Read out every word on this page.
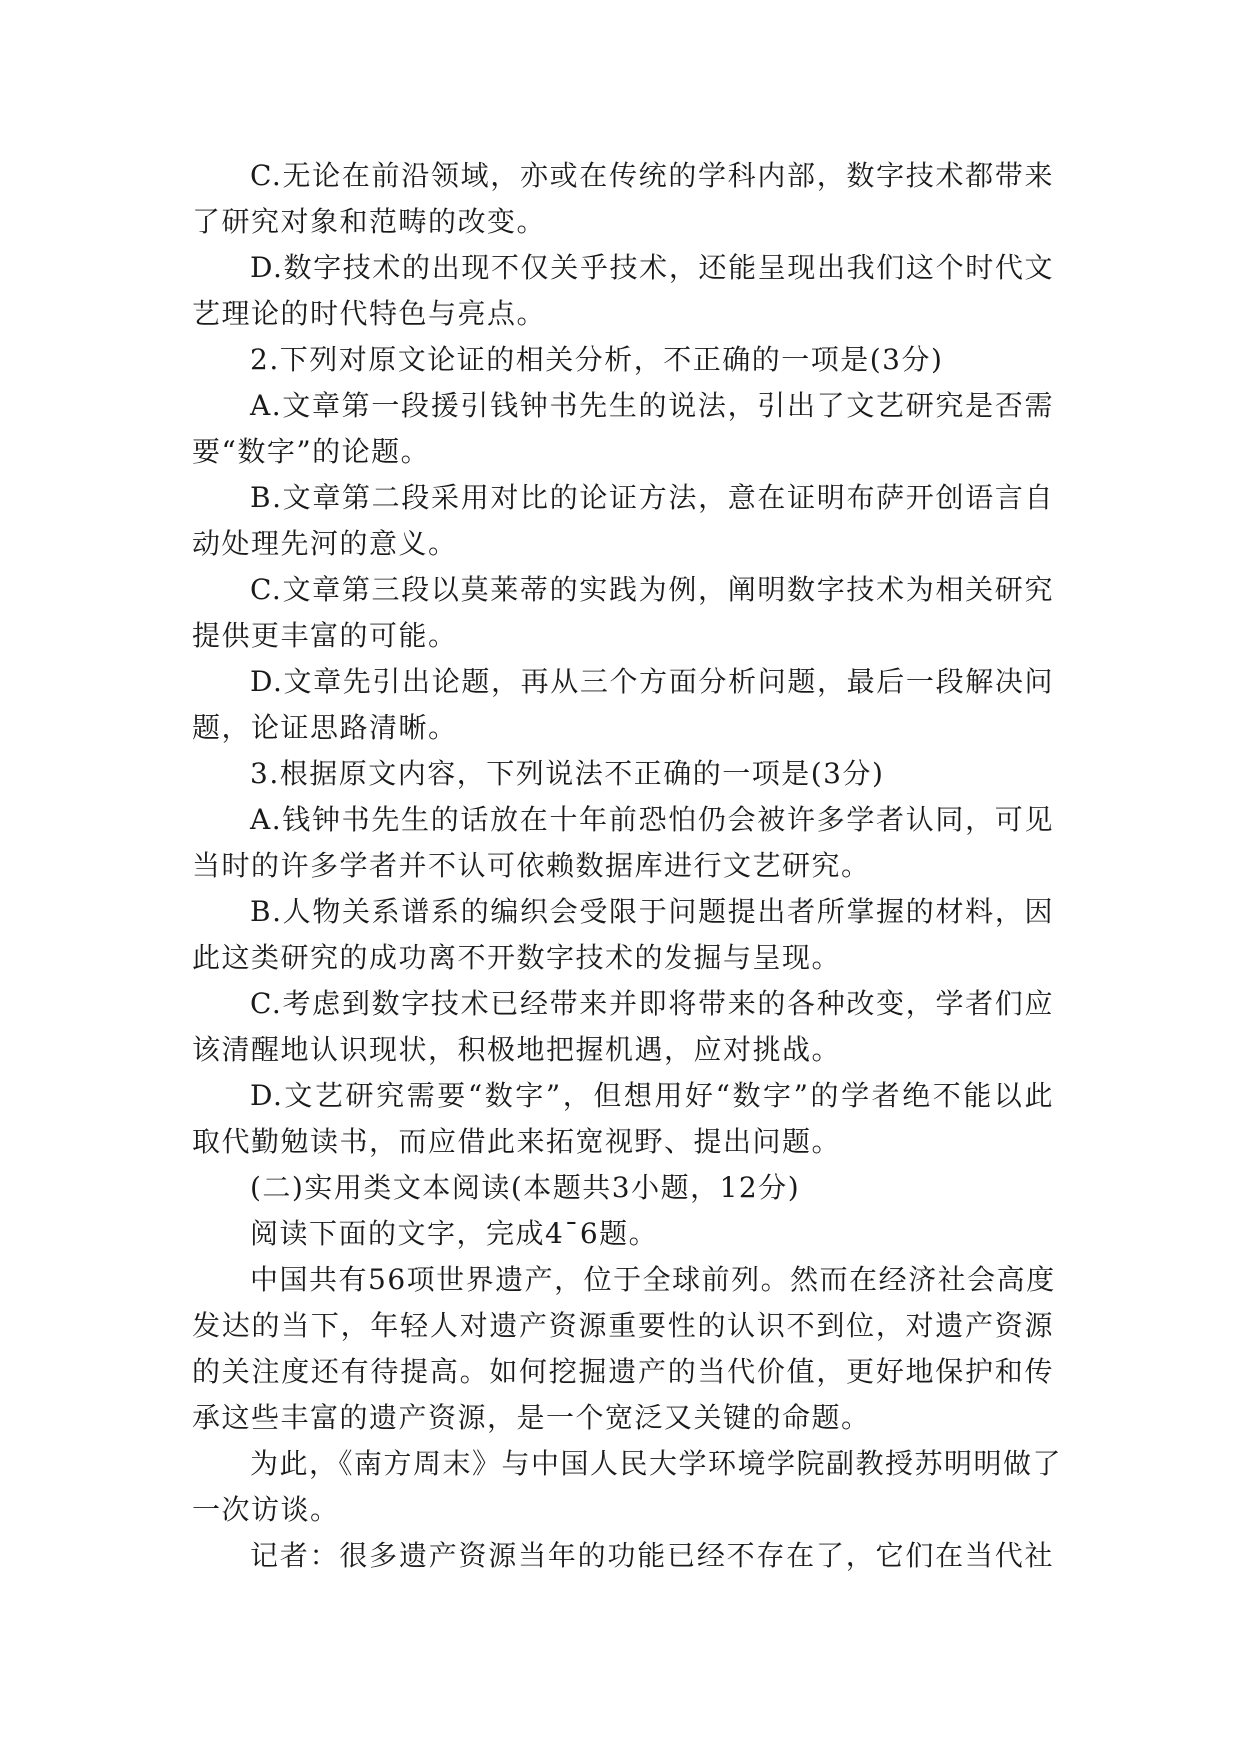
C.无论在前沿领域，亦或在传统的学科内部，数字技术都带来
了研究对象和范畴的改变。
D.数字技术的出现不仅关乎技术，还能呈现出我们这个时代文
艺理论的时代特色与亮点。
2.下列对原文论证的相关分析，不正确的一项是(3分)
A.文章第一段援引钱钟书先生的说法，引出了文艺研究是否需
要“数字”的论题。
B.文章第二段采用对比的论证方法，意在证明布萨开创语言自
动处理先河的意义。
C.文章第三段以莫莱蒂的实践为例，阐明数字技术为相关研究
提供更丰富的可能。
D.文章先引出论题，再从三个方面分析问题，最后一段解决问
题，论证思路清晰。
3.根据原文内容，下列说法不正确的一项是(3分)
A.钱钟书先生的话放在十年前恐怕仍会被许多学者认同，可见
当时的许多学者并不认可依赖数据库进行文艺研究。
B.人物关系谱系的编织会受限于问题提出者所掌握的材料，因
此这类研究的成功离不开数字技术的发掘与呈现。
C.考虑到数字技术已经带来并即将带来的各种改变，学者们应
该清醒地认识现状，积极地把握机遇，应对挑战。
D.文艺研究需要“数字”，但想用好“数字”的学者绝不能以此
取代勤勉读书，而应借此来拓宽视野、提出问题。
(二)实用类文本阅读(本题共3小题，12分)
阅读下面的文字，完成4¯6题。
中国共有56项世界遗产，位于全球前列。然而在经济社会高度
发达的当下，年轻人对遗产资源重要性的认识不到位，对遗产资源
的关注度还有待提高。如何挖掘遗产的当代价值，更好地保护和传
承这些丰富的遗产资源，是一个宽泛又关键的命题。
为此，《南方周末》与中国人民大学环境学院副教授苏明明做了
一次访谈。
记者：很多遗产资源当年的功能已经不存在了，它们在当代社
